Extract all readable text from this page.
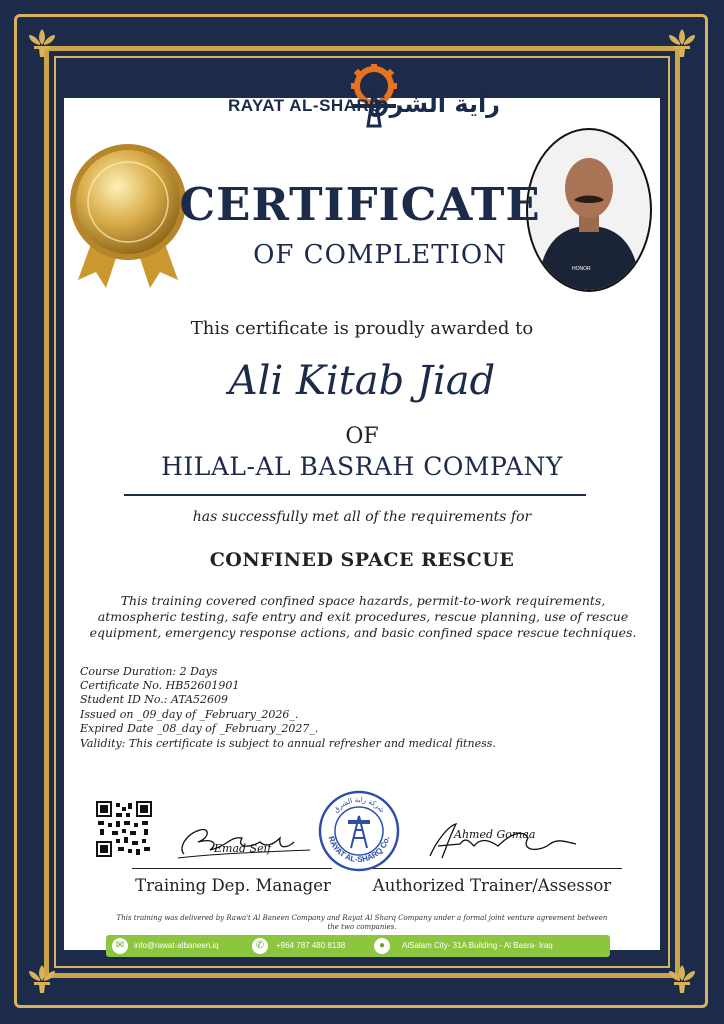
RAYAT AL-SHARQ
راية الشرق
HONOR
CERTIFICATE
OF COMPLETION
This certificate is proudly awarded to
Ali Kitab Jiad
OF
HILAL-AL BASRAH COMPANY
has successfully met all of the requirements for
CONFINED SPACE RESCUE
This training covered confined space hazards, permit-to-work requirements, atmospheric testing, safe entry and exit procedures, rescue planning, use of rescue equipment, emergency response actions, and basic confined space rescue techniques.
Course Duration: 2 Days
Certificate No. HB52601901
Student ID No.: ATA52609
Issued on _09_day of _February_2026_.
Expired Date _08_day of _February_2027_.
Validity: This certificate is subject to annual refresher and medical fitness.
Emad Seif
Ahmed Gomaa
شركة راية الشرق
RAYAT AL-SHARQ Co.
Training Dep. Manager	Authorized Trainer/Assessor
This training was delivered by Rawa't Al Baneen Company and Rayat Al Sharq Company under a formal joint venture agreement between the two companies.
✉	info@rawat-albaneen.iq	✆	+964 787 480 8138	●	AlSalam City- 31A Building - Al Basra- Iraq
